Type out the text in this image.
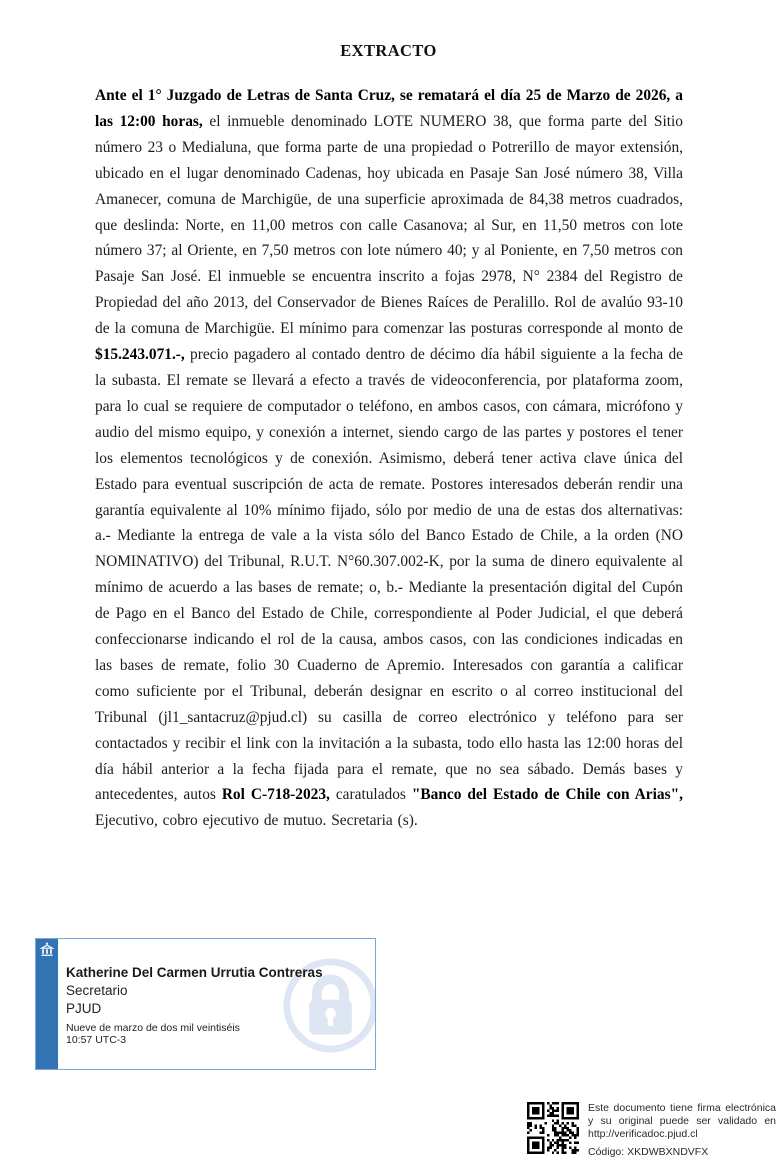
EXTRACTO
Ante el 1° Juzgado de Letras de Santa Cruz, se rematará el día 25 de Marzo de 2026, a las 12:00 horas, el inmueble denominado LOTE NUMERO 38, que forma parte del Sitio número 23 o Medialuna, que forma parte de una propiedad o Potrerillo de mayor extensión, ubicado en el lugar denominado Cadenas, hoy ubicada en Pasaje San José número 38, Villa Amanecer, comuna de Marchigüe, de una superficie aproximada de 84,38 metros cuadrados, que deslinda: Norte, en 11,00 metros con calle Casanova; al Sur, en 11,50 metros con lote número 37; al Oriente, en 7,50 metros con lote número 40; y al Poniente, en 7,50 metros con Pasaje San José. El inmueble se encuentra inscrito a fojas 2978, N° 2384 del Registro de Propiedad del año 2013, del Conservador de Bienes Raíces de Peralillo. Rol de avalúo 93-10 de la comuna de Marchigüe. El mínimo para comenzar las posturas corresponde al monto de $15.243.071.-, precio pagadero al contado dentro de décimo día hábil siguiente a la fecha de la subasta. El remate se llevará a efecto a través de videoconferencia, por plataforma zoom, para lo cual se requiere de computador o teléfono, en ambos casos, con cámara, micrófono y audio del mismo equipo, y conexión a internet, siendo cargo de las partes y postores el tener los elementos tecnológicos y de conexión. Asimismo, deberá tener activa clave única del Estado para eventual suscripción de acta de remate. Postores interesados deberán rendir una garantía equivalente al 10% mínimo fijado, sólo por medio de una de estas dos alternativas: a.- Mediante la entrega de vale a la vista sólo del Banco Estado de Chile, a la orden (NO NOMINATIVO) del Tribunal, R.U.T. N°60.307.002-K, por la suma de dinero equivalente al mínimo de acuerdo a las bases de remate; o, b.- Mediante la presentación digital del Cupón de Pago en el Banco del Estado de Chile, correspondiente al Poder Judicial, el que deberá confeccionarse indicando el rol de la causa, ambos casos, con las condiciones indicadas en las bases de remate, folio 30 Cuaderno de Apremio. Interesados con garantía a calificar como suficiente por el Tribunal, deberán designar en escrito o al correo institucional del Tribunal (jl1_santacruz@pjud.cl) su casilla de correo electrónico y teléfono para ser contactados y recibir el link con la invitación a la subasta, todo ello hasta las 12:00 horas del día hábil anterior a la fecha fijada para el remate, que no sea sábado. Demás bases y antecedentes, autos Rol C-718-2023, caratulados "Banco del Estado de Chile con Arias", Ejecutivo, cobro ejecutivo de mutuo. Secretaria (s).
Katherine Del Carmen Urrutia Contreras
Secretario
PJUD
Nueve de marzo de dos mil veintiséis
10:57 UTC-3
Este documento tiene firma electrónica y su original puede ser validado en http://verificadoc.pjud.cl
Código: XKDWBXNDVFX
